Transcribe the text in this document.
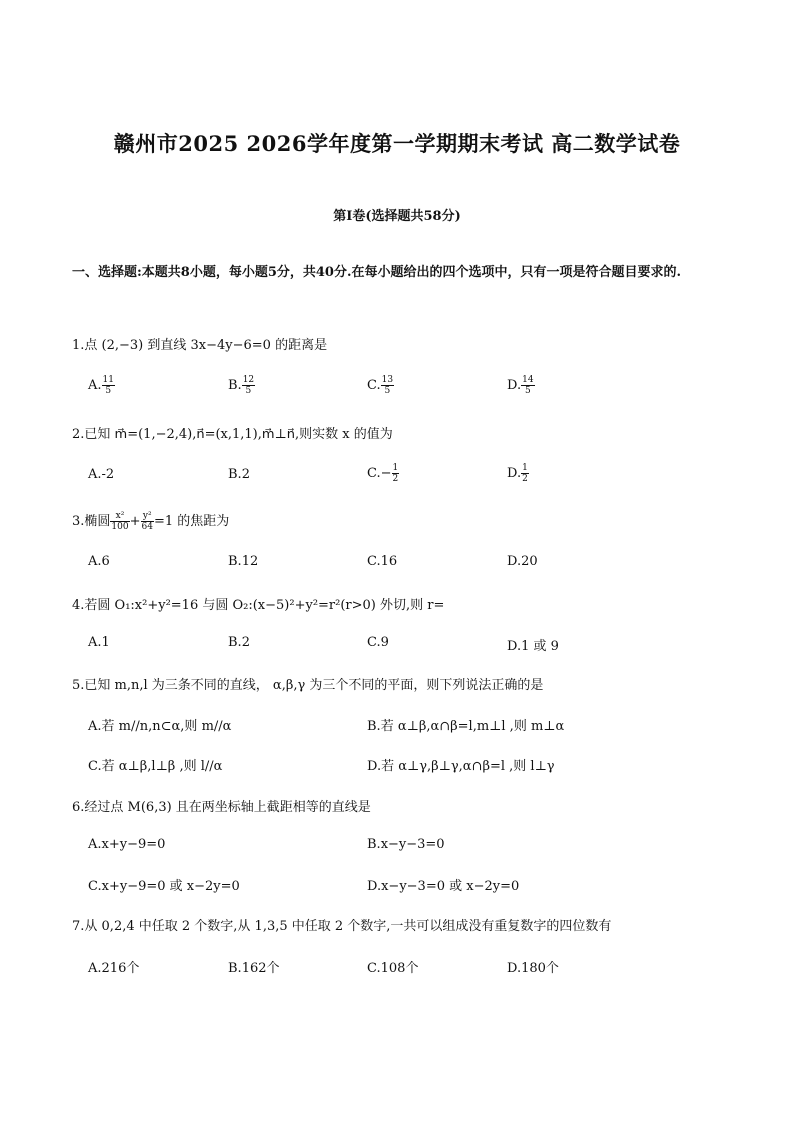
赣州市2025 2026学年度第一学期期末考试 高二数学试卷
第Ⅰ卷(选择题共58分)
一、选择题:本题共8小题，每小题5分，共40分.在每小题给出的四个选项中，只有一项是符合题目要求的.
1.点 (2,−3) 到直线 3x−4y−6=0 的距离是
A. $\frac{11}{5}$	B. $\frac{12}{5}$	C. $\frac{13}{5}$	D. $\frac{14}{5}$
2.已知 m⃗=(1,−2,4),n⃗=(x,1,1),m⃗⊥n⃗,则实数 x 的值为
A.-2	B.2	$C.- \frac{1}{2}$	D. $\frac{1}{2}$
3.椭圆 $\frac{\text{x²}}{100} + \frac{\text{y²}}{64} =1$ 的焦距为
A.6	B.12	C.16	D.20
4.若圆 O₁:x²+y²=16 与圆 O₂:(x−5)²+y²=r²(r>0) 外切,则 r=
A.1	B.2	C.9	D.1 或 9
5.已知 m,n,l 为三条不同的直线， α,β,γ 为三个不同的平面，则下列说法正确的是
A.若 m//n,n⊂α,则 m//α	B.若 α⊥β,α∩β=l,m⊥l ,则 m⊥α
C.若 α⊥β,l⊥β ,则 l//α	D.若 α⊥γ,β⊥γ,α∩β=l ,则 l⊥γ
6.经过点 M(6,3) 且在两坐标轴上截距相等的直线是
A.x+y−9=0	B.x−y−3=0
C.x+y−9=0 或 x−2y=0	D.x−y−3=0 或 x−2y=0
7.从 0,2,4 中任取 2 个数字,从 1,3,5 中任取 2 个数字,一共可以组成没有重复数字的四位数有
A.216个	B.162个	C.108个	D.180个
